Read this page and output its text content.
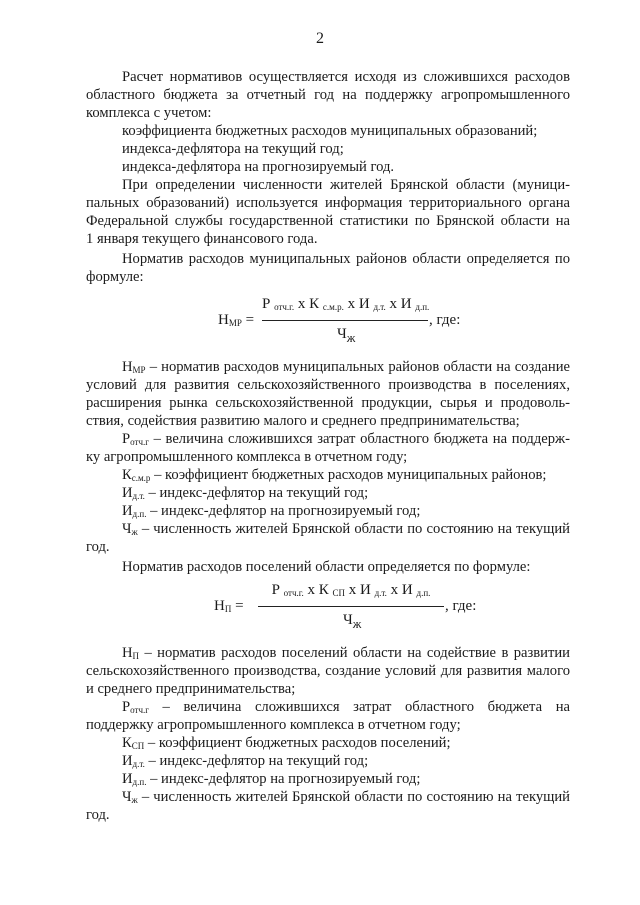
2
Расчет нормативов осуществляется исходя из сложившихся расходов
областного бюджета за отчетный год на поддержку агропромышленного
комплекса с учетом:
коэффициента бюджетных расходов муниципальных образований;
индекса-дефлятора на текущий год;
индекса-дефлятора на прогнозируемый год.
При определении численности жителей Брянской области (муници-
пальных образований) используется информация территориального органа
Федеральной службы государственной статистики по Брянской области на
1 января текущего финансового года.
Норматив расходов муниципальных районов области определяется по
формуле:
$Н_{МР}$ =
Р $_{отч.г.}$ х К $_{с.м.р.}$ х И $_{д.т.}$ х И $_{д.п.}$
$Ч_ж$
, где:
$Н_{МР}$ – норматив расходов муниципальных районов области на создание
условий для развития сельскохозяйственного производства в поселениях,
расширения рынка сельскохозяйственной продукции, сырья и продоволь-
ствия, содействия развитию малого и среднего предпринимательства;
$Р_{отч.г}$ – величина сложившихся затрат областного бюджета на поддерж-
ку агропромышленного комплекса в отчетном году;
$К_{с.м.р}$ – коэффициент бюджетных расходов муниципальных районов;
$И_{д.т.}$ – индекс-дефлятор на текущий год;
$И_{д.п.}$ – индекс-дефлятор на прогнозируемый год;
$Ч_ж$ – численность жителей Брянской области по состоянию на текущий
год.
Норматив расходов поселений области определяется по формуле:
$Н_П$ =
Р $_{отч.г.}$ х К $_{СП}$ х И $_{д.т.}$ х И $_{д.п.}$
$Ч_ж$
, где:
$Н_П$ – норматив расходов поселений области на содействие в развитии
сельскохозяйственного производства, создание условий для развития малого
и среднего предпринимательства;
$Р_{отч.г}$ – величина сложившихся затрат областного бюджета на
поддержку агропромышленного комплекса в отчетном году;
$К_{СП}$ – коэффициент бюджетных расходов поселений;
$И_{д.т.}$ – индекс-дефлятор на текущий год;
$И_{д.п.}$ – индекс-дефлятор на прогнозируемый год;
$Ч_ж$ – численность жителей Брянской области по состоянию на текущий
год.
